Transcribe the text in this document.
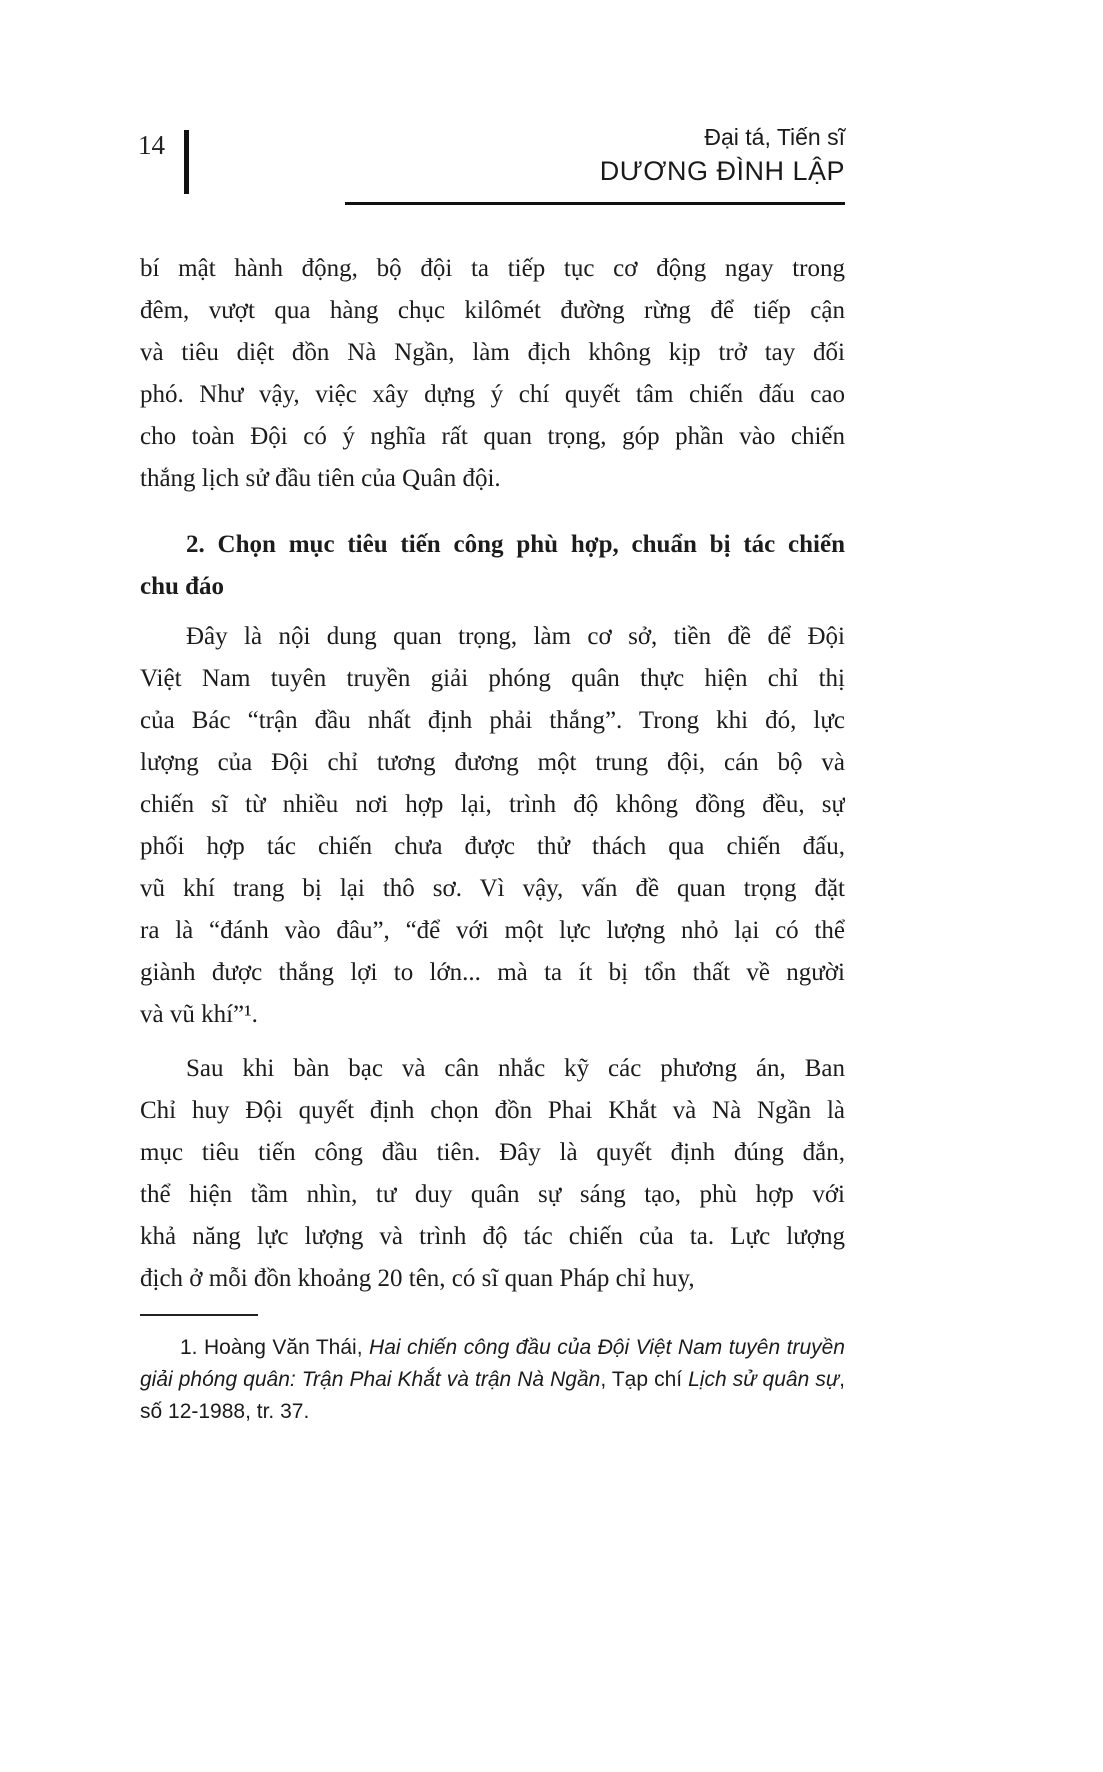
14	Đại tá, Tiến sĩ
DƯƠNG ĐÌNH LẬP
bí mật hành động, bộ đội ta tiếp tục cơ động ngay trong
đêm, vượt qua hàng chục kilômét đường rừng để tiếp cận
và tiêu diệt đồn Nà Ngần, làm địch không kịp trở tay đối
phó. Như vậy, việc xây dựng ý chí quyết tâm chiến đấu cao
cho toàn Đội có ý nghĩa rất quan trọng, góp phần vào chiến
thắng lịch sử đầu tiên của Quân đội.
2. Chọn mục tiêu tiến công phù hợp, chuẩn bị tác chiến
chu đáo
Đây là nội dung quan trọng, làm cơ sở, tiền đề để Đội
Việt Nam tuyên truyền giải phóng quân thực hiện chỉ thị
của Bác “trận đầu nhất định phải thắng”. Trong khi đó, lực
lượng của Đội chỉ tương đương một trung đội, cán bộ và
chiến sĩ từ nhiều nơi hợp lại, trình độ không đồng đều, sự
phối hợp tác chiến chưa được thử thách qua chiến đấu,
vũ khí trang bị lại thô sơ. Vì vậy, vấn đề quan trọng đặt
ra là “đánh vào đâu”, “để với một lực lượng nhỏ lại có thể
giành được thắng lợi to lớn... mà ta ít bị tổn thất về người
và vũ khí”¹.
Sau khi bàn bạc và cân nhắc kỹ các phương án, Ban
Chỉ huy Đội quyết định chọn đồn Phai Khắt và Nà Ngần là
mục tiêu tiến công đầu tiên. Đây là quyết định đúng đắn,
thể hiện tầm nhìn, tư duy quân sự sáng tạo, phù hợp với
khả năng lực lượng và trình độ tác chiến của ta. Lực lượng
địch ở mỗi đồn khoảng 20 tên, có sĩ quan Pháp chỉ huy,
1. Hoàng Văn Thái, Hai chiến công đầu của Đội Việt Nam tuyên truyền giải phóng quân: Trận Phai Khắt và trận Nà Ngần, Tạp chí Lịch sử quân sự, số 12-1988, tr. 37.
